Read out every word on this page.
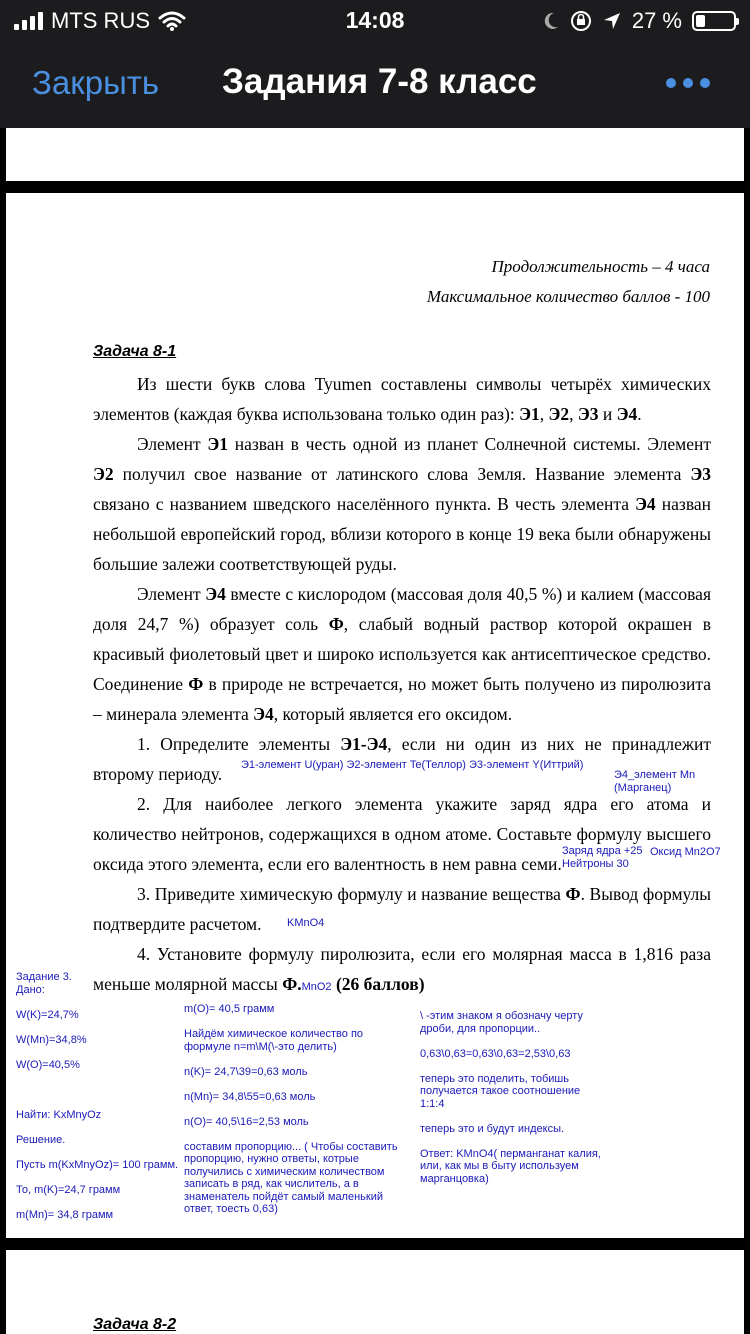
MTS RUS	14:08	27 %
Закрыть Задания 7-8 класс
Продолжительность – 4 часа
Максимальное количество баллов - 100
Задача 8-1

Из шести букв слова Tyumen составлены символы четырёх химических элементов (каждая буква использована только один раз): Э1, Э2, Э3 и Э4.

Элемент Э1 назван в честь одной из планет Солнечной системы. Элемент Э2 получил свое название от латинского слова Земля. Название элемента Э3 связано с названием шведского населённого пункта. В честь элемента Э4 назван небольшой европейский город, вблизи которого в конце 19 века были обнаружены большие залежи соответствующей руды.

Элемент Э4 вместе с кислородом (массовая доля 40,5 %) и калием (массовая доля 24,7 %) образует соль Ф, слабый водный раствор которой окрашен в красивый фиолетовый цвет и широко используется как антисептическое средство. Соединение Ф в природе не встречается, но может быть получено из пиролюзита – минерала элемента Э4, который является его оксидом.

1. Определите элементы Э1-Э4, если ни один из них не принадлежит второму периоду.

2. Для наиболее легкого элемента укажите заряд ядра его атома и количество нейтронов, содержащихся в одном атоме. Составьте формулу высшего оксида этого элемента, если его валентность в нем равна семи.

3. Приведите химическую формулу и название вещества Ф. Вывод формулы подтвердите расчетом.

4. Установите формулу пиролюзита, если его молярная масса в 1,816 раза меньше молярной массы Ф.MnO2 (26 баллов)

Э1-элемент U(уран) Э2-элемент Te(Теллор) Э3-элемент Y(Иттрий)
Э4_элемент Mn (Марганец)
Заряд ядра +25
Нейтроны 30
Оксид Mn2O7
KMnO4
Задание 3.
Дано:

W(K)=24,7%

W(Mn)=34,8%

W(O)=40,5%

Найти: KxMnyOz

Решение.

Пусть m(KxMnyOz)= 100 грамм.

То, m(K)=24,7 грамм

m(Mn)= 34,8 грамм
m(O)= 40,5 грамм

Найдём химическое количество по формуле n=m\M(\-это делить)

n(K)= 24,7\39=0,63 моль

n(Mn)= 34,8\55=0,63 моль

n(O)= 40,5\16=2,53 моль

составим пропорцию... ( Чтобы составить пропорцию, нужно ответы, котрые получились с химическим количеством записать в ряд, как числитель, а в знаменатель пойдёт самый маленький ответ, тоесть 0,63)
\ -этим знаком я обозначу черту дроби, для пропорции..

0,63\0,63=0,63\0,63=2,53\0,63

теперь это поделить, тобишь получается такое соотношение 1:1:4

теперь это и будут индексы.

Ответ: KMnO4( перманганат калия, или, как мы в быту используем марганцовка)
Задача 8-2
